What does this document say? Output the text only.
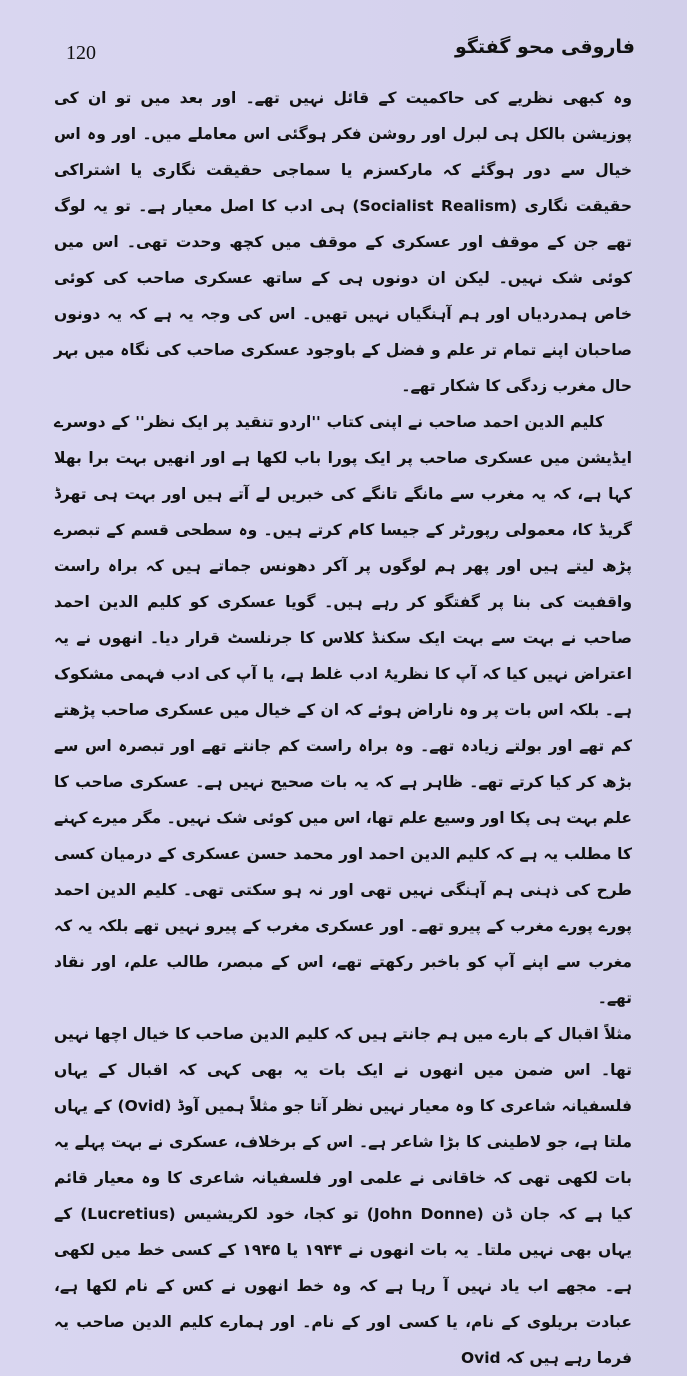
120	فاروقی محو گفتگو

وہ کبھی نظریے کی حاکمیت کے قائل نہیں تھے۔ اور بعد میں تو ان کی پوزیشن بالکل ہی لبرل اور روشن فکر ہوگئی اس معاملے میں۔ اور وہ اس خیال سے دور ہوگئے کہ مارکسزم یا سماجی حقیقت نگاری یا اشتراکی حقیقت نگاری (Socialist Realism) ہی ادب کا اصل معیار ہے۔ تو یہ لوگ تھے جن کے موقف اور عسکری کے موقف میں کچھ وحدت تھی۔ اس میں کوئی شک نہیں۔ لیکن ان دونوں ہی کے ساتھ عسکری صاحب کی کوئی خاص ہمدردیاں اور ہم آہنگیاں نہیں تھیں۔ اس کی وجہ یہ ہے کہ یہ دونوں صاحبان اپنے تمام تر علم و فضل کے باوجود عسکری صاحب کی نگاہ میں بہر حال مغرب زدگی کا شکار تھے۔

کلیم الدین احمد صاحب نے اپنی کتاب ''اردو تنقید پر ایک نظر'' کے دوسرے ایڈیشن میں عسکری صاحب پر ایک پورا باب لکھا ہے اور انھیں بہت برا بھلا کہا ہے، کہ یہ مغرب سے مانگے تانگے کی خبریں لے آتے ہیں اور بہت ہی تھرڈ گریڈ کا، معمولی رپورٹر کے جیسا کام کرتے ہیں۔ وہ سطحی قسم کے تبصرے پڑھ لیتے ہیں اور پھر ہم لوگوں پر آکر دھونس جماتے ہیں کہ براہ راست واقفیت کی بنا پر گفتگو کر رہے ہیں۔ گویا عسکری کو کلیم الدین احمد صاحب نے بہت سے بہت ایک سکنڈ کلاس کا جرنلسٹ قرار دیا۔ انھوں نے یہ اعتراض نہیں کیا کہ آپ کا نظریۂ ادب غلط ہے، یا آپ کی ادب فہمی مشکوک ہے۔ بلکہ اس بات پر وہ ناراض ہوئے کہ ان کے خیال میں عسکری صاحب پڑھتے کم تھے اور بولتے زیادہ تھے۔ وہ براہ راست کم جانتے تھے اور تبصرہ اس سے بڑھ کر کیا کرتے تھے۔ ظاہر ہے کہ یہ بات صحیح نہیں ہے۔ عسکری صاحب کا علم بہت ہی پکا اور وسیع علم تھا، اس میں کوئی شک نہیں۔ مگر میرے کہنے کا مطلب یہ ہے کہ کلیم الدین احمد اور محمد حسن عسکری کے درمیان کسی طرح کی ذہنی ہم آہنگی نہیں تھی اور نہ ہو سکتی تھی۔ کلیم الدین احمد پورے پورے مغرب کے پیرو تھے۔ اور عسکری مغرب کے پیرو نہیں تھے بلکہ یہ کہ مغرب سے اپنے آپ کو باخبر رکھتے تھے، اس کے مبصر، طالب علم، اور نقاد تھے۔

مثلاً اقبال کے بارے میں ہم جانتے ہیں کہ کلیم الدین صاحب کا خیال اچھا نہیں تھا۔ اس ضمن میں انھوں نے ایک بات یہ بھی کہی کہ اقبال کے یہاں فلسفیانہ شاعری کا وہ معیار نہیں نظر آتا جو مثلاً ہمیں آوڈ (Ovid) کے یہاں ملتا ہے، جو لاطینی کا بڑا شاعر ہے۔ اس کے برخلاف، عسکری نے بہت پہلے یہ بات لکھی تھی کہ خاقانی نے علمی اور فلسفیانہ شاعری کا وہ معیار قائم کیا ہے کہ جان ڈن (John Donne) تو کجا، خود لکریشیس (Lucretius) کے یہاں بھی نہیں ملتا۔ یہ بات انھوں نے ۱۹۴۴ یا ۱۹۴۵ کے کسی خط میں لکھی ہے۔ مجھے اب یاد نہیں آ رہا ہے کہ وہ خط انھوں نے کس کے نام لکھا ہے، عبادت بریلوی کے نام، یا کسی اور کے نام۔ اور ہمارے کلیم الدین صاحب یہ فرما رہے ہیں کہ Ovid
